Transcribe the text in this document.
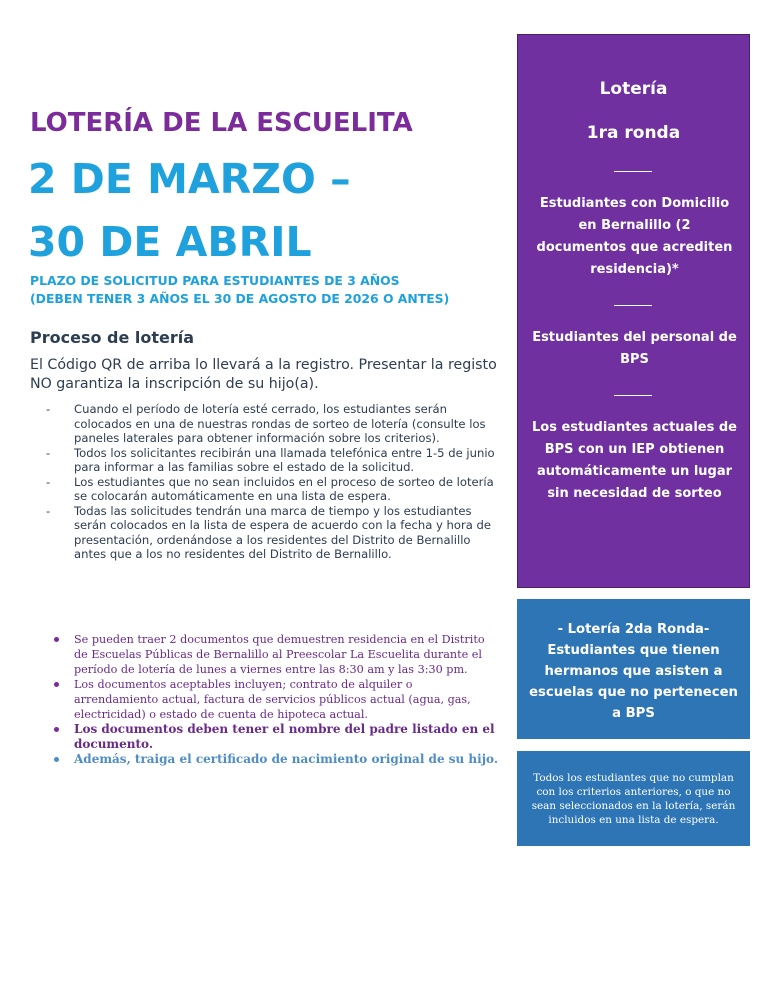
LOTERÍA DE LA ESCUELITA
2 DE MARZO –
30 DE ABRIL
PLAZO DE SOLICITUD PARA ESTUDIANTES DE 3 AÑOS
(DEBEN TENER 3 AÑOS EL 30 DE AGOSTO DE 2026 O ANTES)
Proceso de lotería

El Código QR de arriba lo llevará a la registro. Presentar la registo NO garantiza la inscripción de su hijo(a).

- Cuando el período de lotería esté cerrado, los estudiantes serán colocados en una de nuestras rondas de sorteo de lotería (consulte los paneles laterales para obtener información sobre los criterios).
- Todos los solicitantes recibirán una llamada telefónica entre 1-5 de junio para informar a las familias sobre el estado de la solicitud.
- Los estudiantes que no sean incluidos en el proceso de sorteo de lotería se colocarán automáticamente en una lista de espera.
- Todas las solicitudes tendrán una marca de tiempo y los estudiantes serán colocados en la lista de espera de acuerdo con la fecha y hora de presentación, ordenándose a los residentes del Distrito de Bernalillo antes que a los no residentes del Distrito de Bernalillo.
Se pueden traer 2 documentos que demuestren residencia en el Distrito de Escuelas Públicas de Bernalillo al Preescolar La Escuelita durante el período de lotería de lunes a viernes entre las 8:30 am y las 3:30 pm.
Los documentos aceptables incluyen; contrato de alquiler o arrendamiento actual, factura de servicios públicos actual (agua, gas, electricidad) o estado de cuenta de hipoteca actual.
Los documentos deben tener el nombre del padre listado en el documento.
Además, traiga el certificado de nacimiento original de su hijo.
Lotería
1ra ronda

Estudiantes con Domicilio en Bernalillo (2 documentos que acrediten residencia)*

Estudiantes del personal de BPS

Los estudiantes actuales de BPS con un IEP obtienen automáticamente un lugar sin necesidad de sorteo

- Lotería 2da Ronda- Estudiantes que tienen hermanos que asisten a escuelas que no pertenecen a BPS
Todos los estudiantes que no cumplan con los criterios anteriores, o que no sean seleccionados en la lotería, serán incluidos en una lista de espera.
